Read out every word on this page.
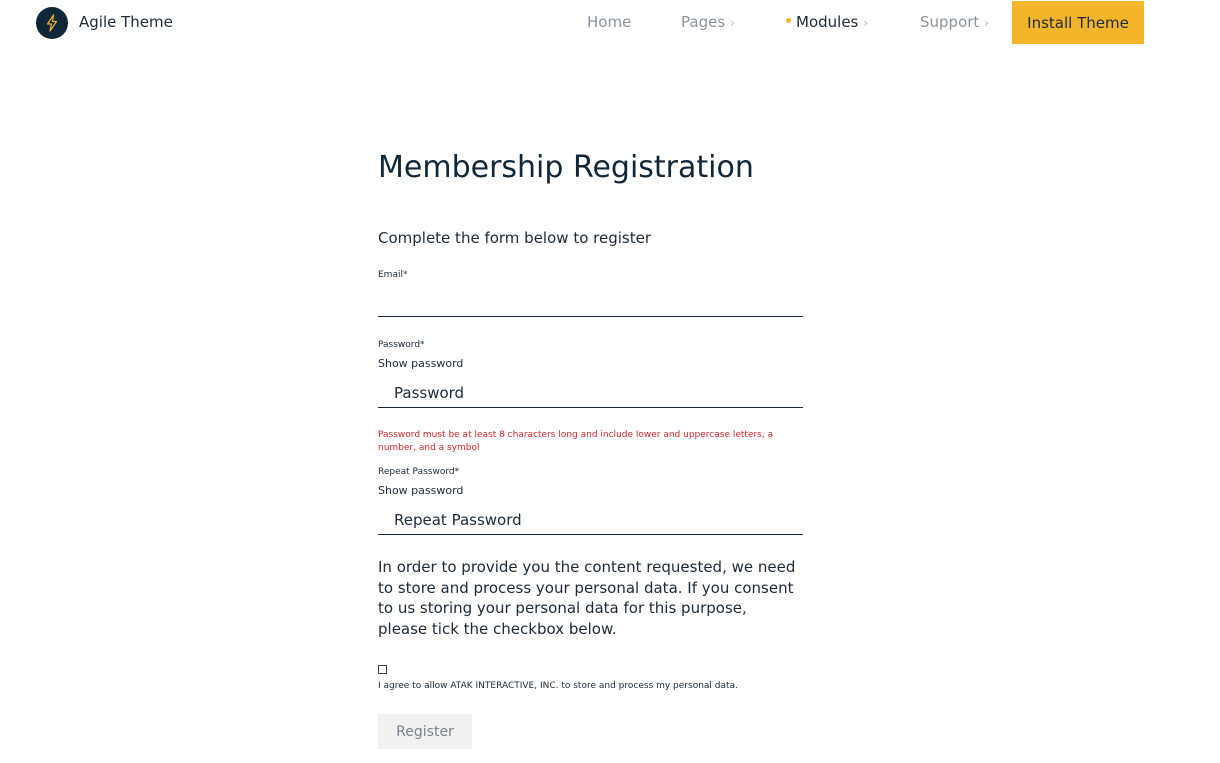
Agile Theme	Home	Pages ›	Modules ›	Support ›	Install Theme
Membership Registration
Complete the form below to register
Email*
Password*
Show password
Password must be at least 8 characters long and include lower and uppercase letters, a number, and a symbol
Repeat Password*
Show password
In order to provide you the content requested, we need to store and process your personal data. If you consent to us storing your personal data for this purpose, please tick the checkbox below.
I agree to allow ATAK INTERACTIVE, INC. to store and process my personal data.
Register
